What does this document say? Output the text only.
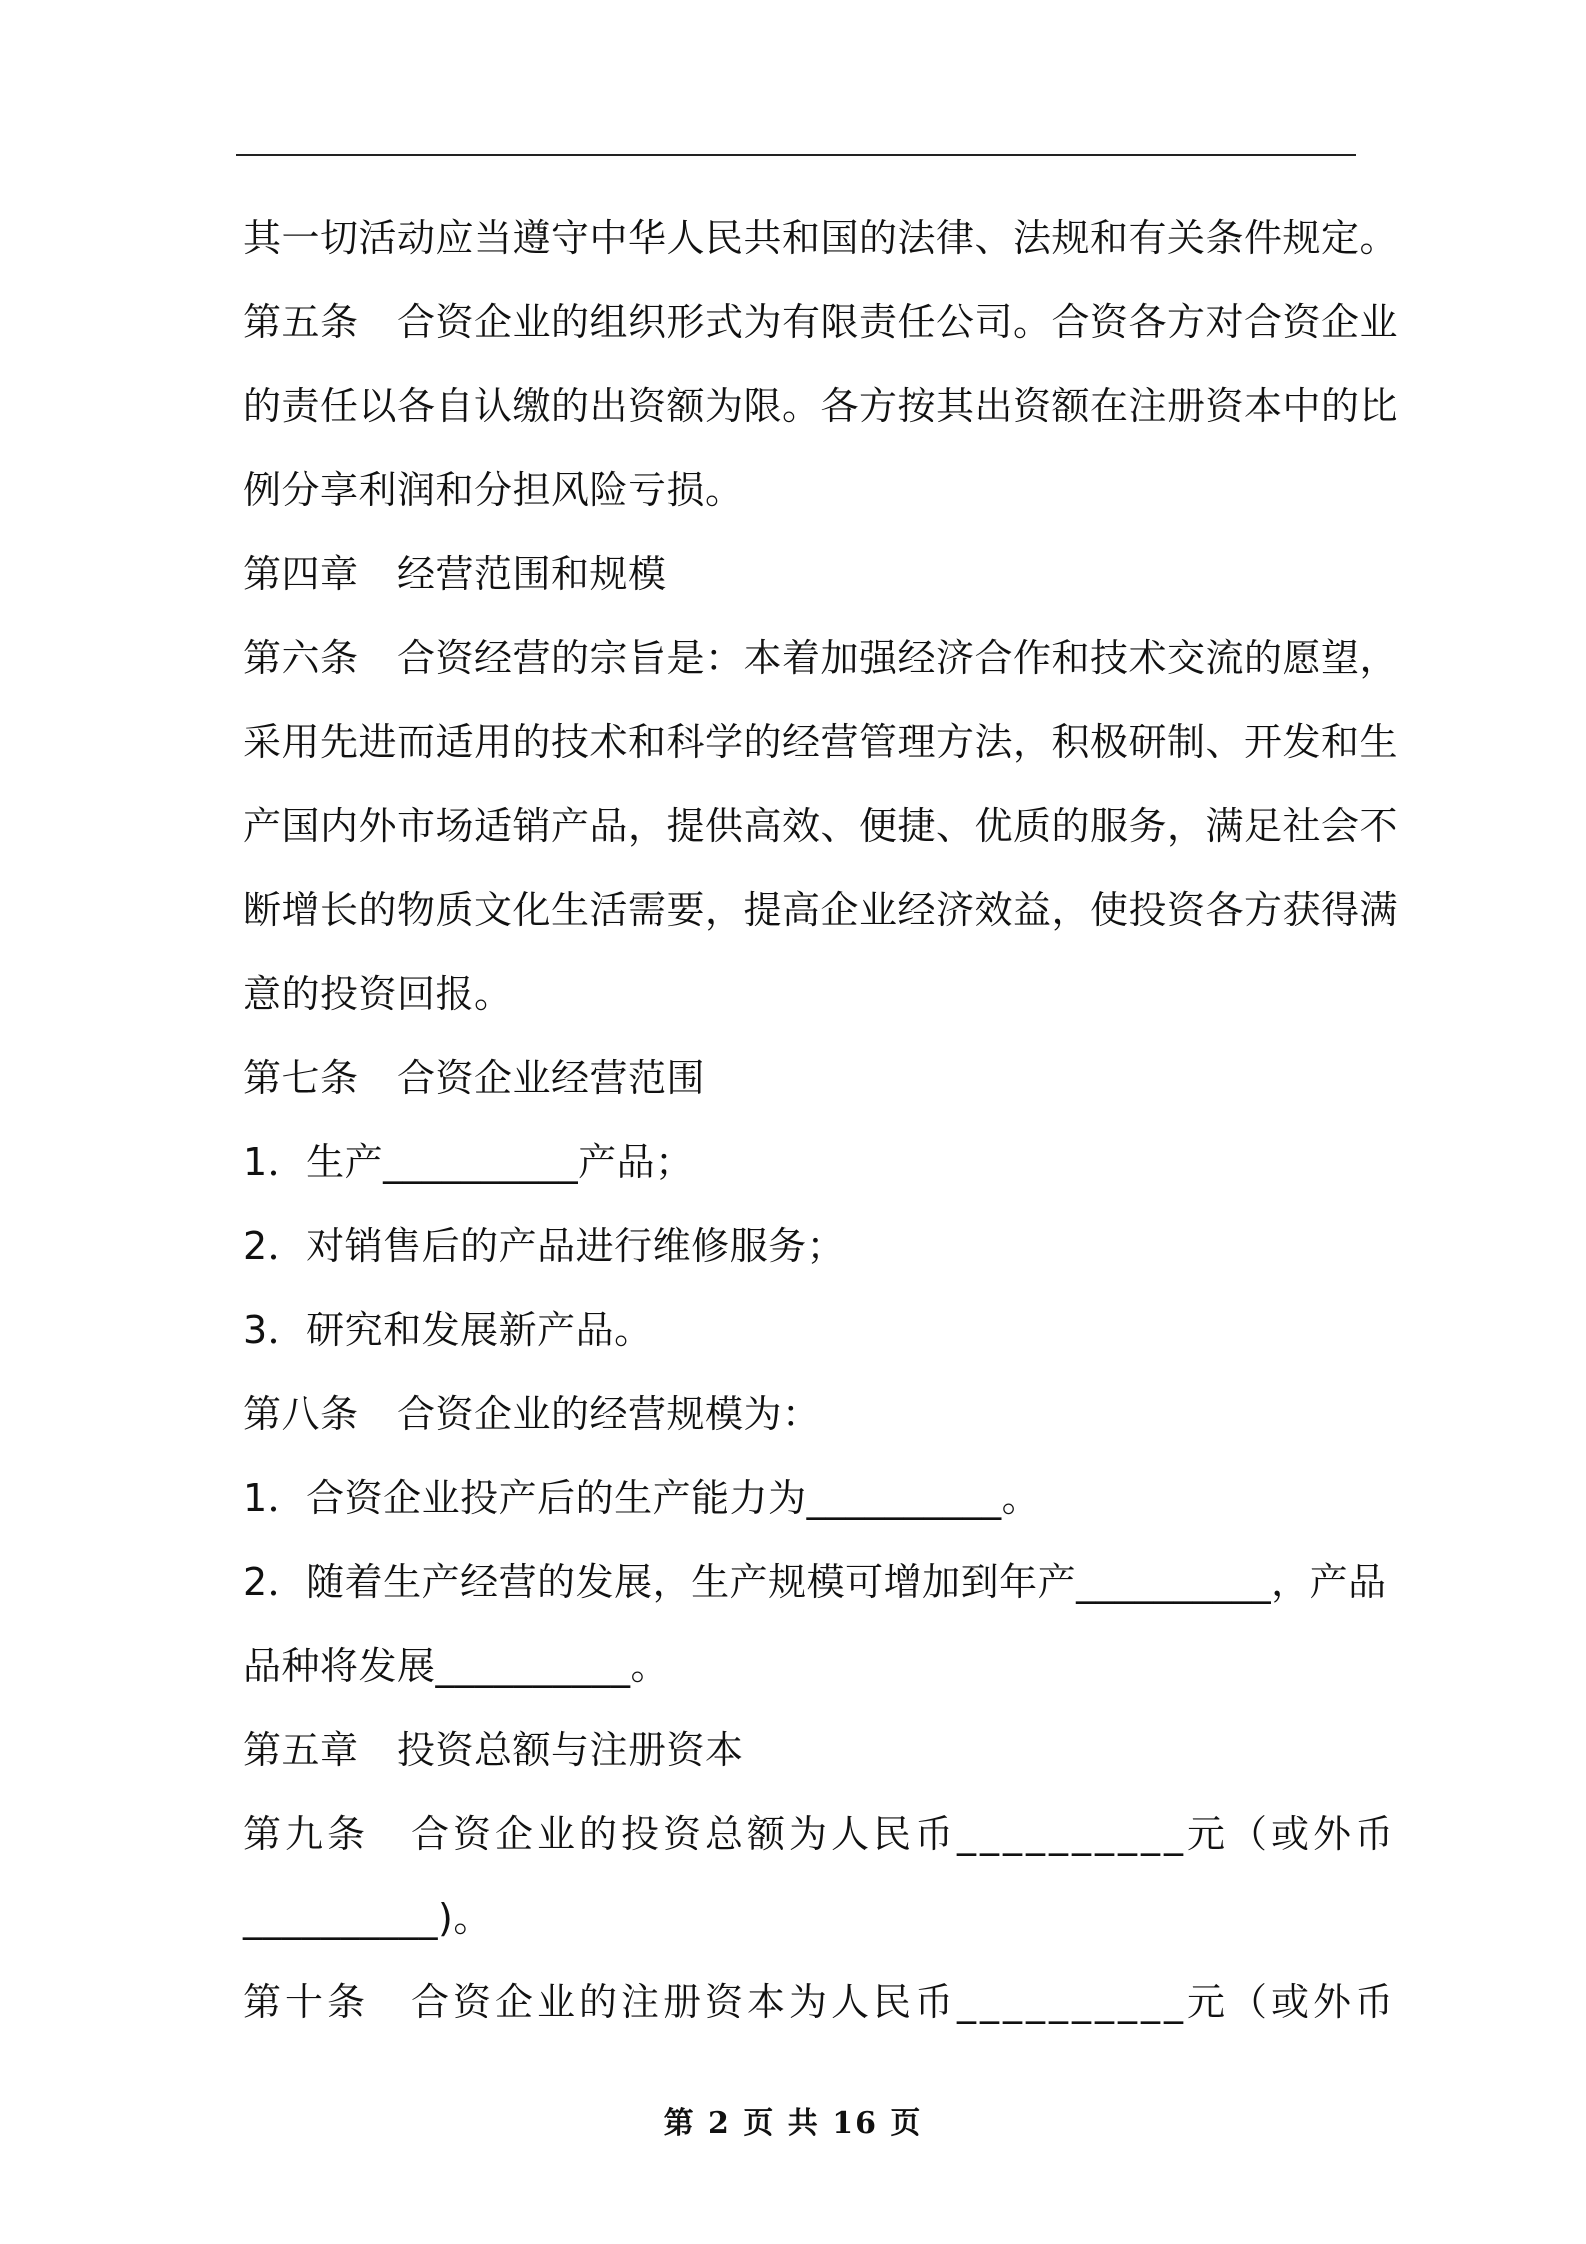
其一切活动应当遵守中华人民共和国的法律、法规和有关条件规定。
第五条　合资企业的组织形式为有限责任公司。合资各方对合资企业
的责任以各自认缴的出资额为限。各方按其出资额在注册资本中的比
例分享利润和分担风险亏损。
第四章　经营范围和规模
第六条　合资经营的宗旨是：本着加强经济合作和技术交流的愿望，
采用先进而适用的技术和科学的经营管理方法，积极研制、开发和生
产国内外市场适销产品，提供高效、便捷、优质的服务，满足社会不
断增长的物质文化生活需要，提高企业经济效益，使投资各方获得满
意的投资回报。
第七条　合资企业经营范围
1．生产__________产品；
2．对销售后的产品进行维修服务；
3．研究和发展新产品。
第八条　合资企业的经营规模为：
1．合资企业投产后的生产能力为__________。
2．随着生产经营的发展，生产规模可增加到年产__________，产品
品种将发展__________。
第五章　投资总额与注册资本
第九条　合资企业的投资总额为人民币__________元（或外币
__________)。
第十条　合资企业的注册资本为人民币__________元（或外币
第 2 页 共 16 页
